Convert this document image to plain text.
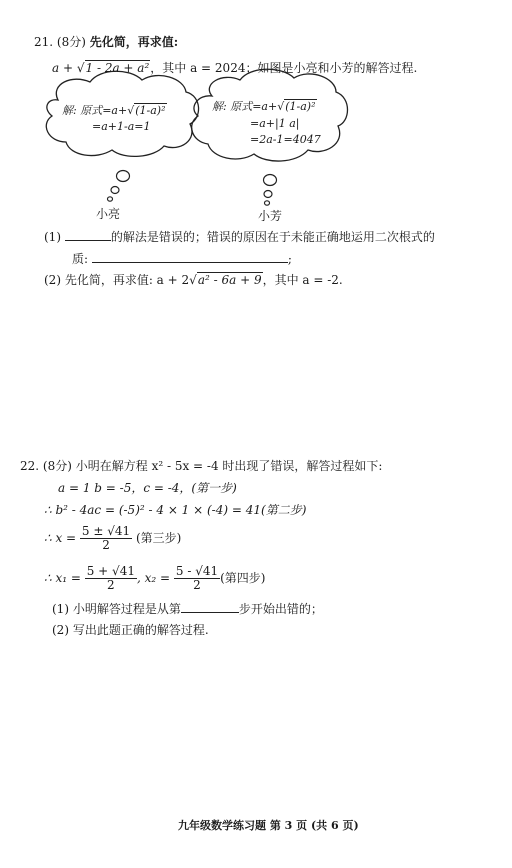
21. (8分) 先化简，再求值:
a + √1 - 2a + a²，其中 a = 2024；如图是小亮和小芳的解答过程.
解: 原式=a+√(1-a)²
=a+1-a=1
小亮
解: 原式=a+√(1-a)²
=a+|1 a|
=2a-1=4047
小芳
(1)	的解法是错误的；错误的原因在于未能正确地运用二次根式的
质:	;
(2) 先化简，再求值: a + 2√a² - 6a + 9，其中 a = -2.
22. (8分) 小明在解方程 x² - 5x = -4 时出现了错误，解答过程如下:
a = 1 b = -5，c = -4，(第一步)
∴ b² - 4ac = (-5)² - 4 × 1 × (-4) = 41(第二步)
∴ $x = \frac{5 \pm √41}{2}$ (第三步)
∴ $x_1 = \frac{5 + √41}{2}$ , $x_2 = \frac{5 - √41}{2}$ (第四步)
(1) 小明解答过程是从第	步开始出错的；
(2) 写出此题正确的解答过程.
九年级数学练习题 第 3 页 (共 6 页)
